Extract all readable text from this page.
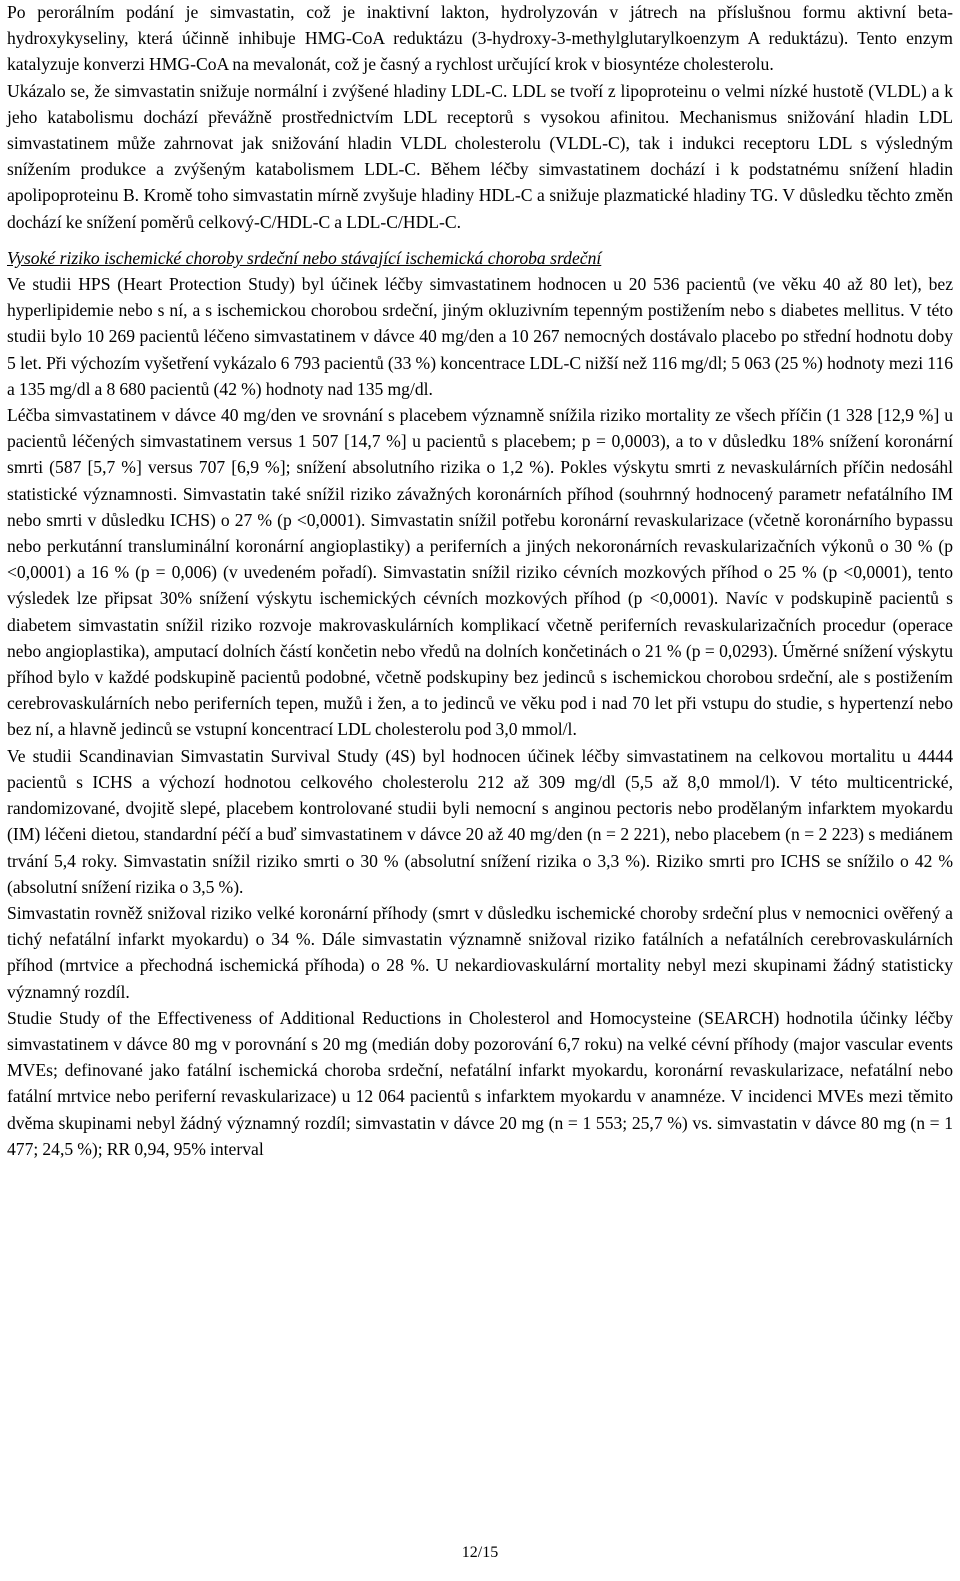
Po perorálním podání je simvastatin, což je inaktivní lakton, hydrolyzován v játrech na příslušnou formu aktivní beta-hydroxykyseliny, která účinně inhibuje HMG-CoA reduktázu (3-hydroxy-3-methylglutarylkoenzym A reduktázu). Tento enzym katalyzuje konverzi HMG-CoA na mevalonát, což je časný a rychlost určující krok v biosyntéze cholesterolu.

Ukázalo se, že simvastatin snižuje normální i zvýšené hladiny LDL-C. LDL se tvoří z lipoproteinu o velmi nízké hustotě (VLDL) a k jeho katabolismu dochází převážně prostřednictvím LDL receptorů s vysokou afinitou. Mechanismus snižování hladin LDL simvastatinem může zahrnovat jak snižování hladin VLDL cholesterolu (VLDL-C), tak i indukci receptoru LDL s výsledným snížením produkce a zvýšeným katabolismem LDL-C. Během léčby simvastatinem dochází i k podstatnému snížení hladin apolipoproteinu B. Kromě toho simvastatin mírně zvyšuje hladiny HDL-C a snižuje plazmatické hladiny TG. V důsledku těchto změn dochází ke snížení poměrů celkový-C/HDL-C a LDL-C/HDL-C.

Vysoké riziko ischemické choroby srdeční nebo stávající ischemická choroba srdeční

Ve studii HPS (Heart Protection Study) byl účinek léčby simvastatinem hodnocen u 20 536 pacientů (ve věku 40 až 80 let), bez hyperlipidemie nebo s ní, a s ischemickou chorobou srdeční, jiným okluzivním tepenným postižením nebo s diabetes mellitus. V této studii bylo 10 269 pacientů léčeno simvastatinem v dávce 40 mg/den a 10 267 nemocných dostávalo placebo po střední hodnotu doby 5 let. Při výchozím vyšetření vykázalo 6 793 pacientů (33 %) koncentrace LDL-C nižší než 116 mg/dl; 5 063 (25 %) hodnoty mezi 116 a 135 mg/dl a 8 680 pacientů (42 %) hodnoty nad 135 mg/dl.

Léčba simvastatinem v dávce 40 mg/den ve srovnání s placebem významně snížila riziko mortality ze všech příčin (1 328 [12,9 %] u pacientů léčených simvastatinem versus 1 507 [14,7 %] u pacientů s placebem; p = 0,0003), a to v důsledku 18% snížení koronární smrti (587 [5,7 %] versus 707 [6,9 %]; snížení absolutního rizika o 1,2 %). Pokles výskytu smrti z nevaskulárních příčin nedosáhl statistické významnosti. Simvastatin také snížil riziko závažných koronárních příhod (souhrnný hodnocený parametr nefatálního IM nebo smrti v důsledku ICHS) o 27 % (p <0,0001). Simvastatin snížil potřebu koronární revaskularizace (včetně koronárního bypassu nebo perkutánní transluminální koronární angioplastiky) a periferních a jiných nekoronárních revaskularizačních výkonů o 30 % (p <0,0001) a 16 % (p = 0,006) (v uvedeném pořadí). Simvastatin snížil riziko cévních mozkových příhod o 25 % (p <0,0001), tento výsledek lze připsat 30% snížení výskytu ischemických cévních mozkových příhod (p <0,0001). Navíc v podskupině pacientů s diabetem simvastatin snížil riziko rozvoje makrovaskulárních komplikací včetně periferních revaskularizačních procedur (operace nebo angioplastika), amputací dolních částí končetin nebo vředů na dolních končetinách o 21 % (p = 0,0293). Úměrné snížení výskytu příhod bylo v každé podskupině pacientů podobné, včetně podskupiny bez jedinců s ischemickou chorobou srdeční, ale s postižením cerebrovaskulárních nebo periferních tepen, mužů i žen, a to jedinců ve věku pod i nad 70 let při vstupu do studie, s hypertenzí nebo bez ní, a hlavně jedinců se vstupní koncentrací LDL cholesterolu pod 3,0 mmol/l.

Ve studii Scandinavian Simvastatin Survival Study (4S) byl hodnocen účinek léčby simvastatinem na celkovou mortalitu u 4444 pacientů s ICHS a výchozí hodnotou celkového cholesterolu 212 až 309 mg/dl (5,5 až 8,0 mmol/l). V této multicentrické, randomizované, dvojitě slepé, placebem kontrolované studii byli nemocní s anginou pectoris nebo prodělaným infarktem myokardu (IM) léčeni dietou, standardní péčí a buď simvastatinem v dávce 20 až 40 mg/den (n = 2 221), nebo placebem (n = 2 223) s mediánem trvání 5,4 roky. Simvastatin snížil riziko smrti o 30 % (absolutní snížení rizika o 3,3 %). Riziko smrti pro ICHS se snížilo o 42 % (absolutní snížení rizika o 3,5 %).

Simvastatin rovněž snižoval riziko velké koronární příhody (smrt v důsledku ischemické choroby srdeční plus v nemocnici ověřený a tichý nefatální infarkt myokardu) o 34 %. Dále simvastatin významně snižoval riziko fatálních a nefatálních cerebrovaskulárních příhod (mrtvice a přechodná ischemická příhoda) o 28 %. U nekardiovaskulární mortality nebyl mezi skupinami žádný statisticky významný rozdíl.

Studie Study of the Effectiveness of Additional Reductions in Cholesterol and Homocysteine (SEARCH) hodnotila účinky léčby simvastatinem v dávce 80 mg v porovnání s 20 mg (medián doby pozorování 6,7 roku) na velké cévní příhody (major vascular events MVEs; definované jako fatální ischemická choroba srdeční, nefatální infarkt myokardu, koronární revaskularizace, nefatální nebo fatální mrtvice nebo periferní revaskularizace) u 12 064 pacientů s infarktem myokardu v anamnéze. V incidenci MVEs mezi těmito dvěma skupinami nebyl žádný významný rozdíl; simvastatin v dávce 20 mg (n = 1 553; 25,7 %) vs. simvastatin v dávce 80 mg (n = 1 477; 24,5 %); RR 0,94, 95% interval

12/15
